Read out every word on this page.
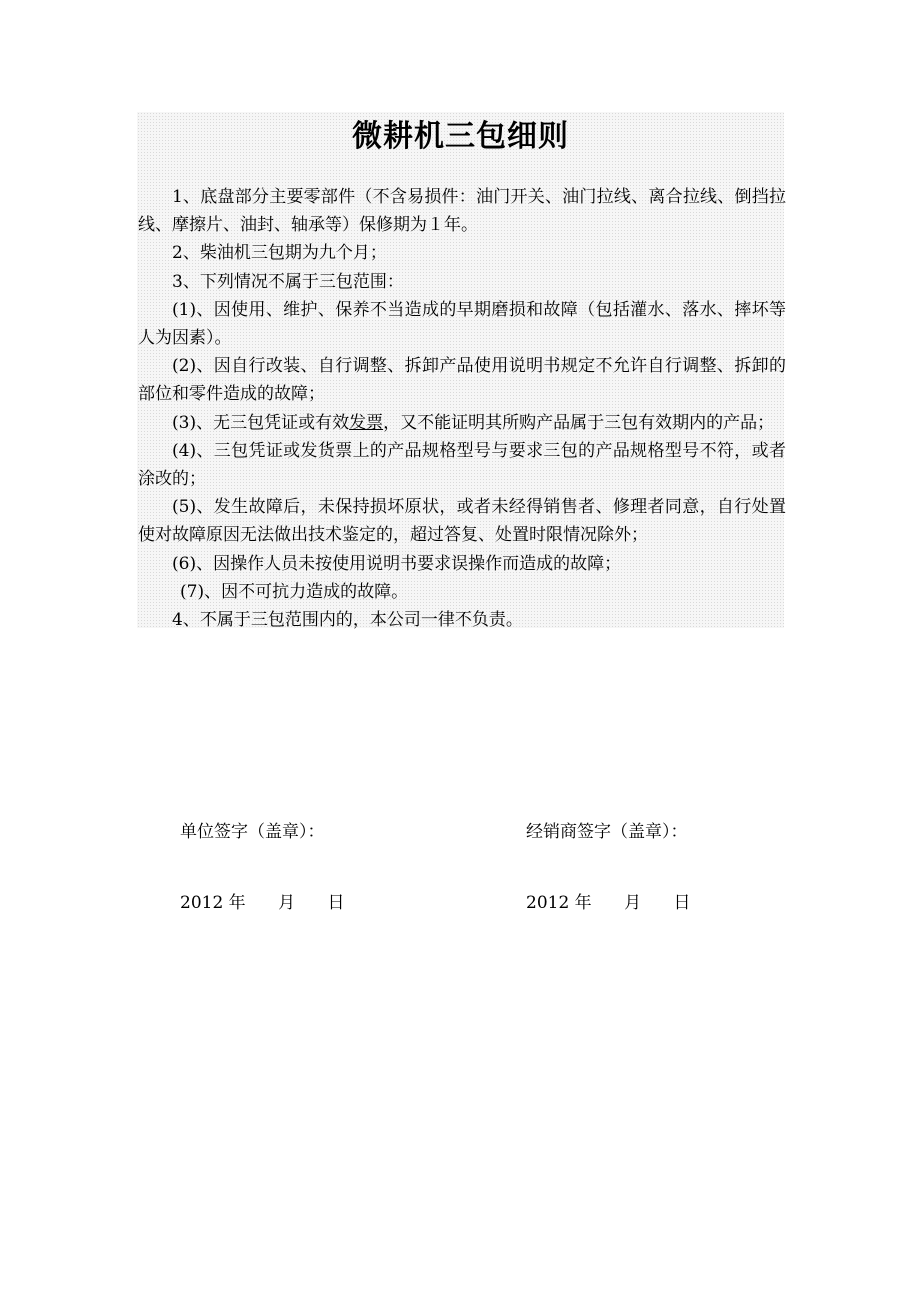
微耕机三包细则

1、底盘部分主要零部件（不含易损件：油门开关、油门拉线、离合拉线、倒挡拉线、摩擦片、油封、轴承等）保修期为１年。

2、柴油机三包期为九个月；

3、下列情况不属于三包范围：

(1)、因使用、维护、保养不当造成的早期磨损和故障（包括灌水、落水、摔坏等人为因素）。

(2)、因自行改装、自行调整、拆卸产品使用说明书规定不允许自行调整、拆卸的部位和零件造成的故障；

(3)、无三包凭证或有效发票，又不能证明其所购产品属于三包有效期内的产品；

(4)、三包凭证或发货票上的产品规格型号与要求三包的产品规格型号不符，或者涂改的；

(5)、发生故障后，未保持损坏原状，或者未经得销售者、修理者同意，自行处置使对故障原因无法做出技术鉴定的，超过答复、处置时限情况除外；

(6)、因操作人员未按使用说明书要求误操作而造成的故障；

(7)、因不可抗力造成的故障。

4、不属于三包范围内的，本公司一律不负责。

单位签字（盖章）：	经销商签字（盖章）：
2012 年      月      日	2012 年      月      日
